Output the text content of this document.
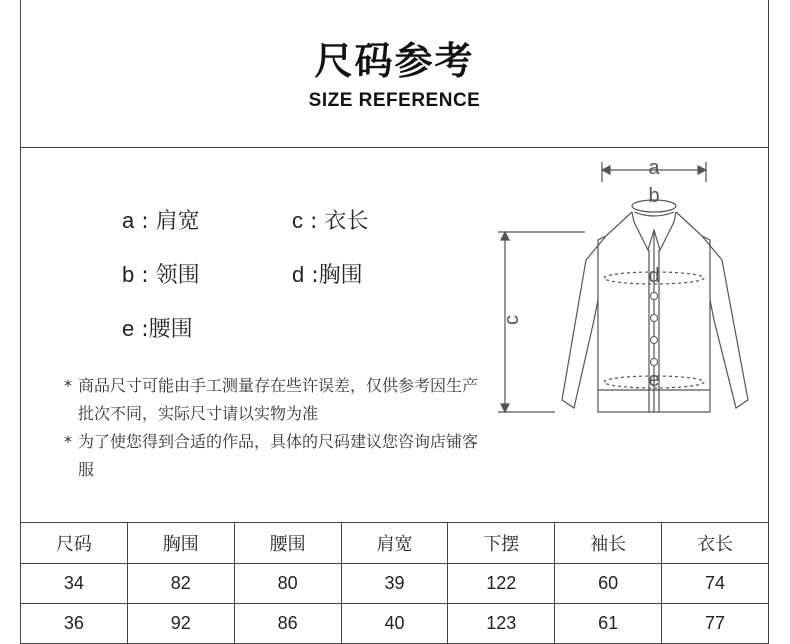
尺码参考
SIZE REFERENCE
a : 肩宽	c : 衣长
b : 领围	d :胸围
e :腰围
* 商品尺寸可能由手工测量存在些许误差，仅供参考因生产批次不同，实际尺寸请以实物为准
* 为了使您得到合适的作品，具体的尺码建议您咨询店铺客服
a
b
d
e
c
尺码	胸围	腰围	肩宽	下摆	袖长	衣长
34	82	80	39	122	60	74
36	92	86	40	123	61	77
